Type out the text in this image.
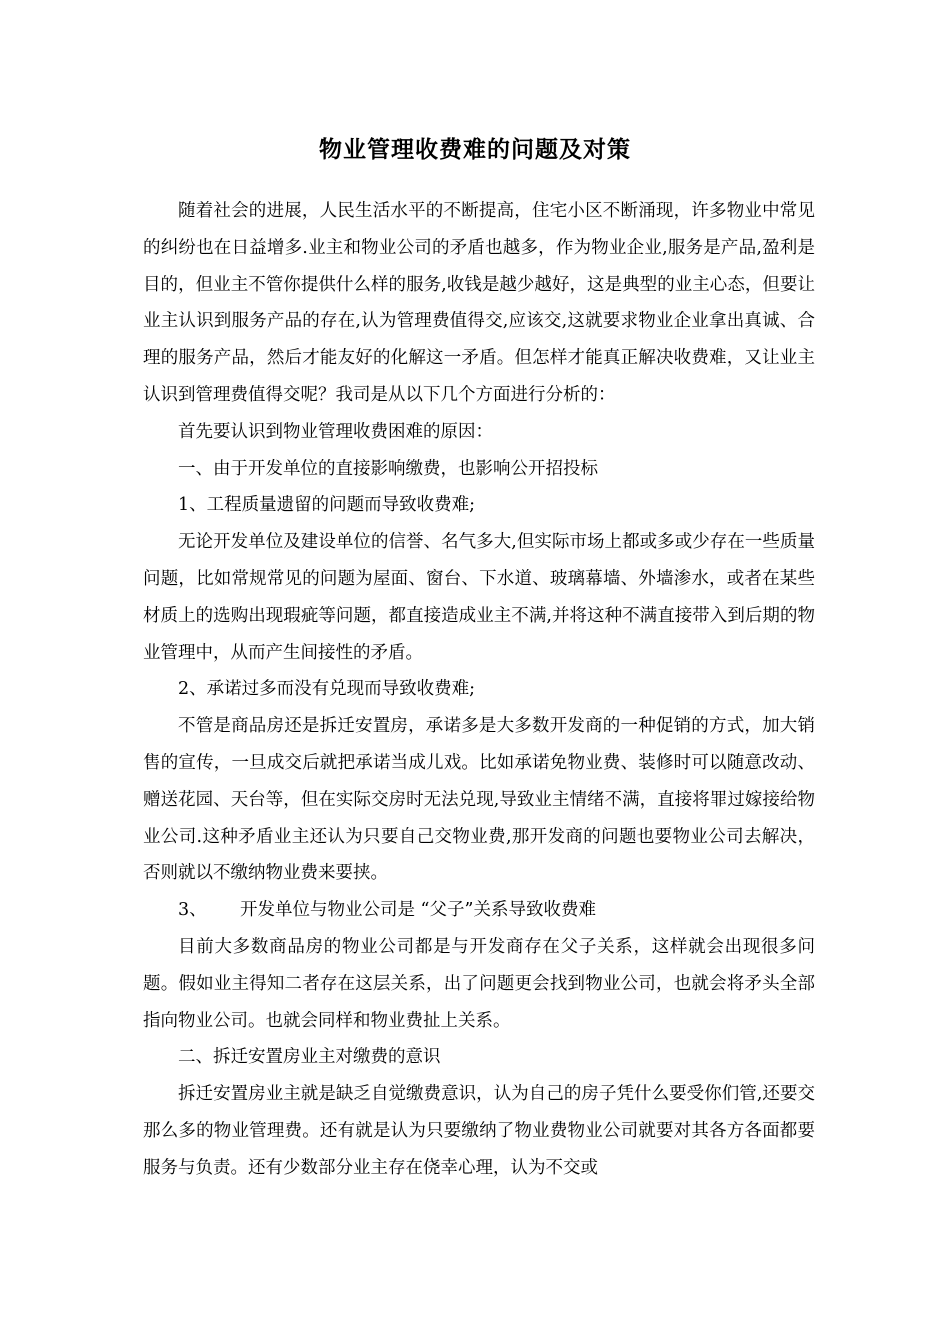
物业管理收费难的问题及对策

随着社会的进展，人民生活水平的不断提高，住宅小区不断涌现，许多物业中常见的纠纷也在日益增多.业主和物业公司的矛盾也越多，作为物业企业,服务是产品,盈利是目的，但业主不管你提供什么样的服务,收钱是越少越好，这是典型的业主心态，但要让业主认识到服务产品的存在,认为管理费值得交,应该交,这就要求物业企业拿出真诚、合理的服务产品，然后才能友好的化解这一矛盾。但怎样才能真正解决收费难，又让业主认识到管理费值得交呢？我司是从以下几个方面进行分析的：

首先要认识到物业管理收费困难的原因：

一、由于开发单位的直接影响缴费，也影响公开招投标

1、工程质量遗留的问题而导致收费难;

无论开发单位及建设单位的信誉、名气多大,但实际市场上都或多或少存在一些质量问题，比如常规常见的问题为屋面、窗台、下水道、玻璃幕墙、外墙渗水，或者在某些材质上的选购出现瑕疵等问题，都直接造成业主不满,并将这种不满直接带入到后期的物业管理中，从而产生间接性的矛盾。

2、承诺过多而没有兑现而导致收费难;

不管是商品房还是拆迁安置房，承诺多是大多数开发商的一种促销的方式，加大销售的宣传，一旦成交后就把承诺当成儿戏。比如承诺免物业费、装修时可以随意改动、赠送花园、天台等，但在实际交房时无法兑现,导致业主情绪不满，直接将罪过嫁接给物业公司.这种矛盾业主还认为只要自己交物业费,那开发商的问题也要物业公司去解决，否则就以不缴纳物业费来要挟。

3、 开发单位与物业公司是 “父子”关系导致收费难

目前大多数商品房的物业公司都是与开发商存在父子关系，这样就会出现很多问题。假如业主得知二者存在这层关系，出了问题更会找到物业公司，也就会将矛头全部指向物业公司。也就会同样和物业费扯上关系。

二、拆迁安置房业主对缴费的意识

拆迁安置房业主就是缺乏自觉缴费意识，认为自己的房子凭什么要受你们管,还要交那么多的物业管理费。还有就是认为只要缴纳了物业费物业公司就要对其各方各面都要服务与负责。还有少数部分业主存在侥幸心理，认为不交或
